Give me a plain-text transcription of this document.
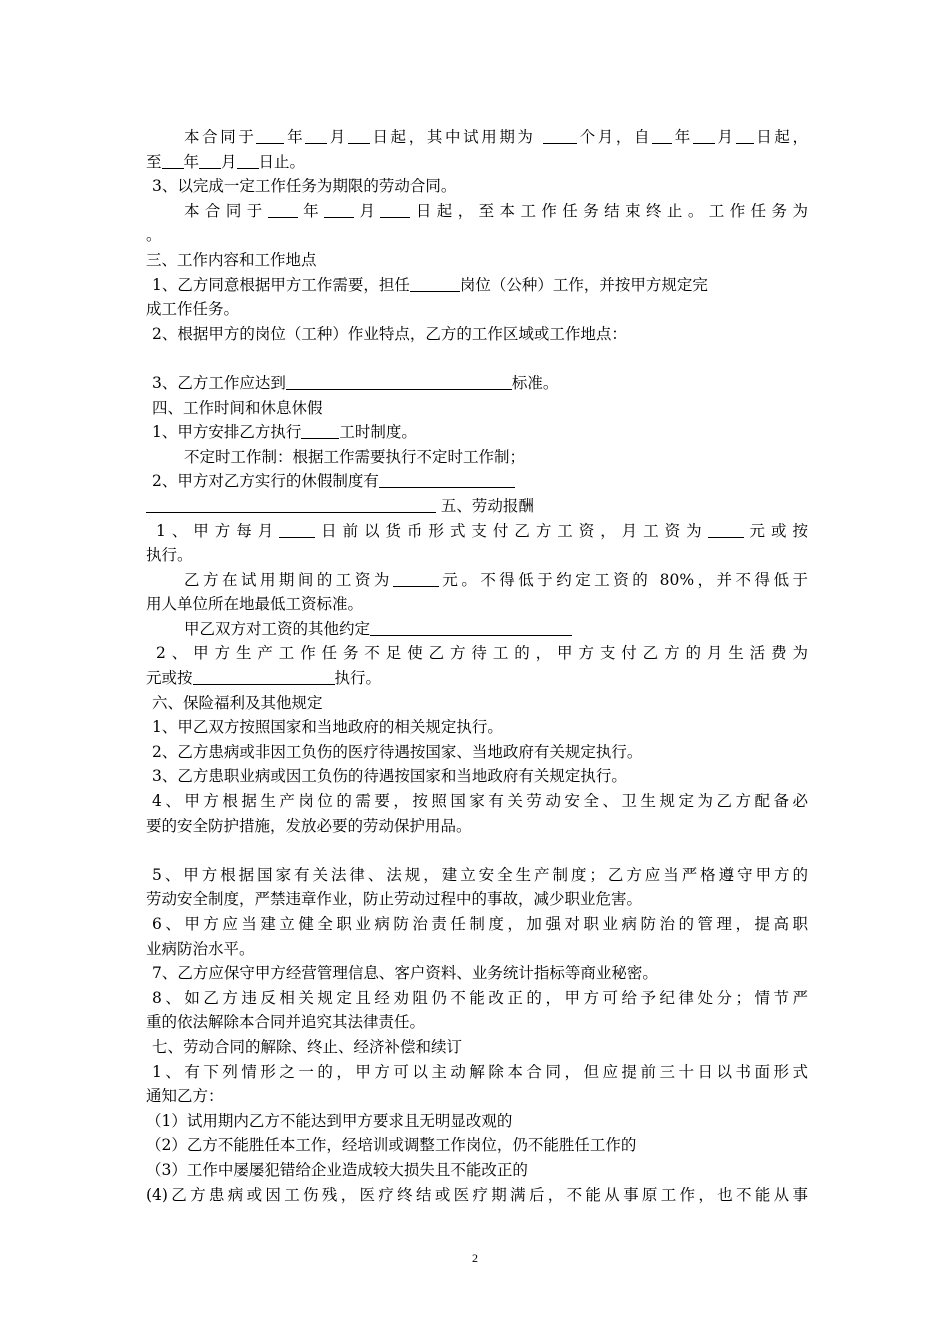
本合同于 年 月 日起，其中试用期为 个月，自 年 月 日起，
至 年 月 日止。
3、以完成一定工作任务为期限的劳动合同。
本合同于 年 月 日起，至本工作任务结束终止。工作任务为
。
三、工作内容和工作地点
1、乙方同意根据甲方工作需要，担任	岗位（公种）工作，并按甲方规定完
成工作任务。
2、根据甲方的岗位（工种）作业特点，乙方的工作区域或工作地点：
3、乙方工作应达到	标准。
四、工作时间和休息休假
1、甲方安排乙方执行 工时制度。
不定时工作制：根据工作需要执行不定时工作制；
2、甲方对乙方实行的休假制度有
五、劳动报酬
1、甲方每月 日前以货币形式支付乙方工资，月工资为 元或按
执行。
乙方在试用期间的工资为	元。不得低于约定工资的 80%，并不得低于
用人单位所在地最低工资标准。
甲乙双方对工资的其他约定
2、甲方生产工作任务不足使乙方待工的，甲方支付乙方的月生活费为
元或按	执行。
六、保险福利及其他规定
1、甲乙双方按照国家和当地政府的相关规定执行。
2、乙方患病或非因工负伤的医疗待遇按国家、当地政府有关规定执行。
3、乙方患职业病或因工负伤的待遇按国家和当地政府有关规定执行。
4、甲方根据生产岗位的需要，按照国家有关劳动安全、卫生规定为乙方配备必
要的安全防护措施，发放必要的劳动保护用品。
5、甲方根据国家有关法律、法规，建立安全生产制度；乙方应当严格遵守甲方的
劳动安全制度，严禁违章作业，防止劳动过程中的事故，减少职业危害。
6、甲方应当建立健全职业病防治责任制度，加强对职业病防治的管理，提高职
业病防治水平。
7、乙方应保守甲方经营管理信息、客户资料、业务统计指标等商业秘密。
8、如乙方违反相关规定且经劝阻仍不能改正的，甲方可给予纪律处分；情节严
重的依法解除本合同并追究其法律责任。
七、劳动合同的解除、终止、经济补偿和续订
1、有下列情形之一的，甲方可以主动解除本合同，但应提前三十日以书面形式
通知乙方：
（1）试用期内乙方不能达到甲方要求且无明显改观的
（2）乙方不能胜任本工作，经培训或调整工作岗位，仍不能胜任工作的
（3）工作中屡屡犯错给企业造成较大损失且不能改正的
(4)乙方患病或因工伤残，医疗终结或医疗期满后，不能从事原工作，也不能从事
2
